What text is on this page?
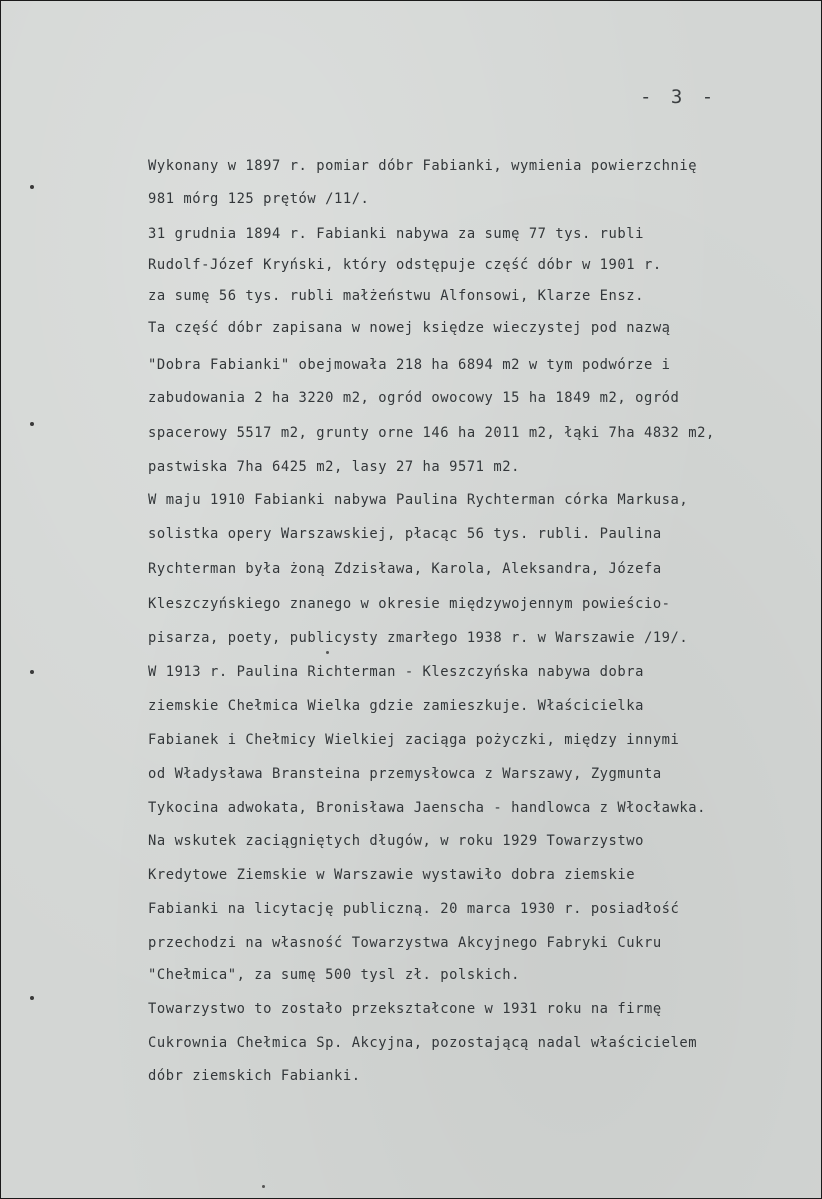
- 3 -
Wykonany w 1897 r. pomiar dóbr Fabianki, wymienia powierzchnię
981 mórg 125 prętów /11/.
31 grudnia 1894 r. Fabianki nabywa za sumę 77 tys. rubli
Rudolf-Józef Kryński, który odstępuje część dóbr w 1901 r.
za sumę 56 tys. rubli małżeństwu Alfonsowi, Klarze Ensz.
Ta część dóbr zapisana w nowej księdze wieczystej pod nazwą
"Dobra Fabianki" obejmowała 218 ha 6894 m2 w tym podwórze i
zabudowania 2 ha 3220 m2, ogród owocowy 15 ha 1849 m2, ogród
spacerowy 5517 m2, grunty orne 146 ha 2011 m2, łąki 7ha 4832 m2,
pastwiska 7ha 6425 m2, lasy 27 ha 9571 m2.
W maju 1910 Fabianki nabywa Paulina Rychterman córka Markusa,
solistka opery Warszawskiej, płacąc 56 tys. rubli. Paulina
Rychterman była żoną Zdzisława, Karola, Aleksandra, Józefa
Kleszczyńskiego znanego w okresie międzywojennym powieścio-
pisarza, poety, publicysty zmarłego 1938 r. w Warszawie /19/.
W 1913 r. Paulina Richterman - Kleszczyńska nabywa dobra
ziemskie Chełmica Wielka gdzie zamieszkuje. Właścicielka
Fabianek i Chełmicy Wielkiej zaciąga pożyczki, między innymi
od Władysława Bransteina przemysłowca z Warszawy, Zygmunta
Tykocina adwokata, Bronisława Jaenscha - handlowca z Włocławka.
Na wskutek zaciągniętych długów, w roku 1929 Towarzystwo
Kredytowe Ziemskie w Warszawie wystawiło dobra ziemskie
Fabianki na licytację publiczną. 20 marca 1930 r. posiadłość
przechodzi na własność Towarzystwa Akcyjnego Fabryki Cukru
"Chełmica", za sumę 500 tysl zł. polskich.
Towarzystwo to zostało przekształcone w 1931 roku na firmę
Cukrownia Chełmica Sp. Akcyjna, pozostającą nadal właścicielem
dóbr ziemskich Fabianki.
